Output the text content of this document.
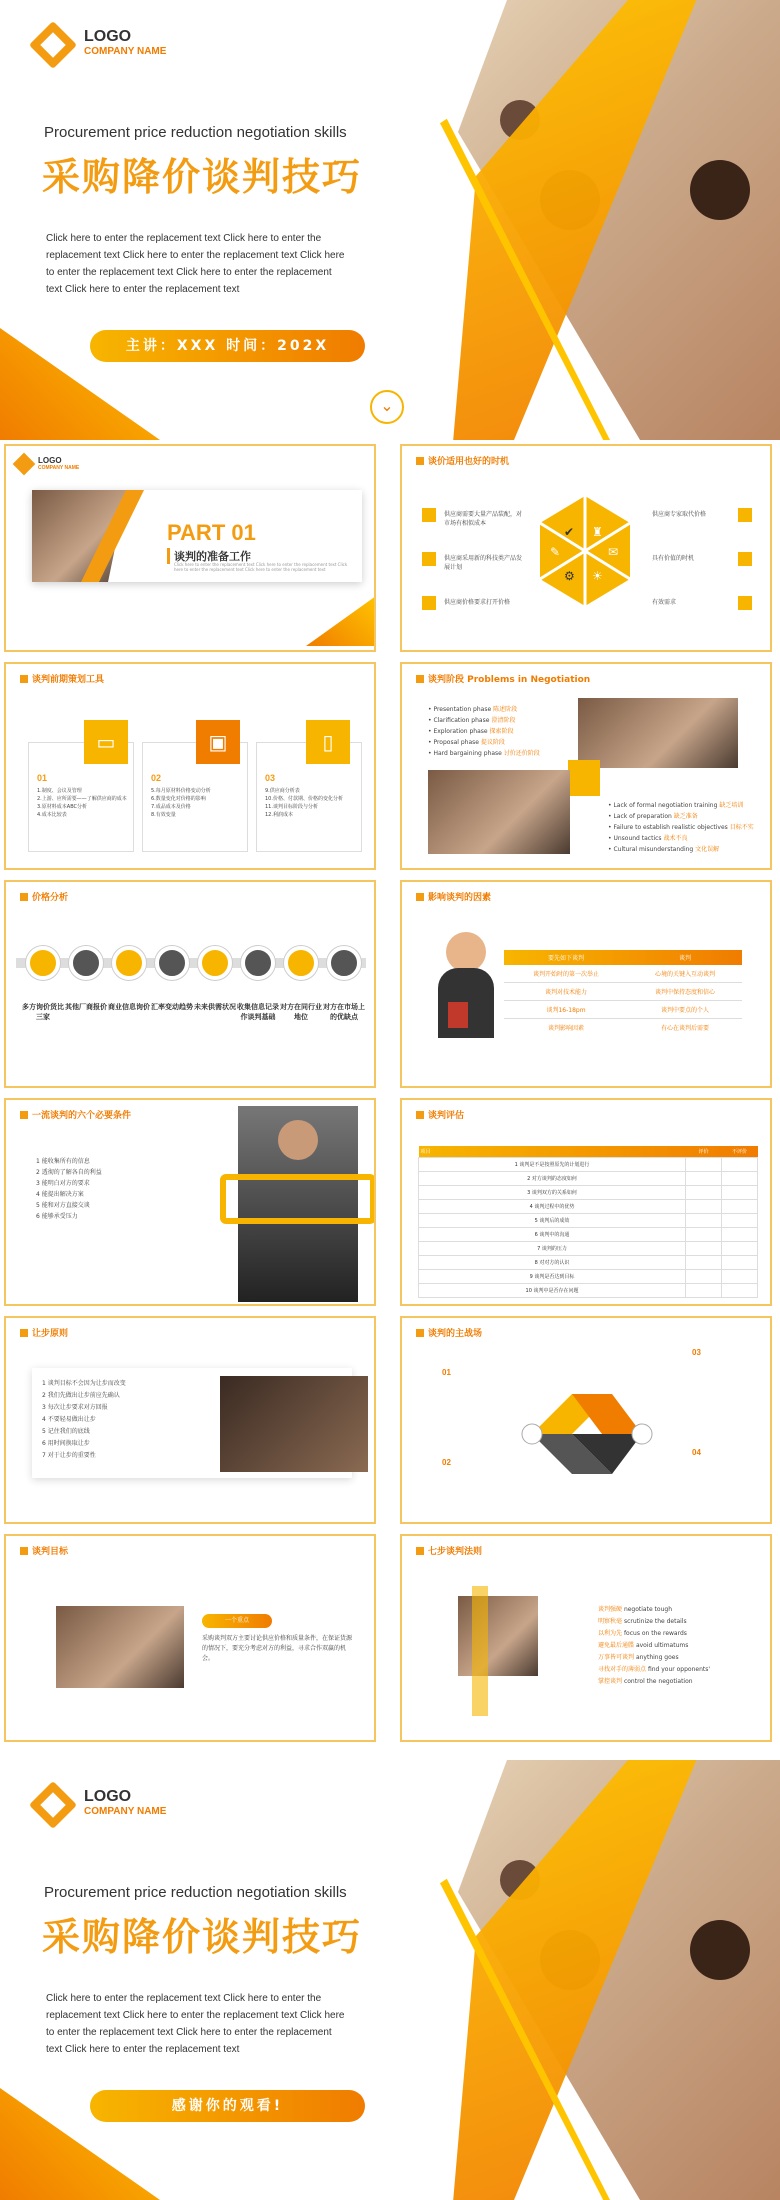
LOGO
COMPANY NAME
Procurement price reduction negotiation skills
采购降价谈判技巧
Click here to enter the replacement text Click here to enter the replacement text Click here to enter the replacement text Click here to enter the replacement text Click here to enter the replacement text Click here to enter the replacement text
主讲：XXX 时间：202X
⌄
LOGO
COMPANY NAME
PART 01
谈判的准备工作
Click here to enter the replacement text Click here to enter the replacement text Click here to enter the replacement text Click here to enter the replacement text
谈价适用也好的时机
✔ ♜
✎	✉
⚙ ☀
供应商需要大量产品装配，对市场有相似成本
供应商采用新的科技类产品发展计划
供应商价格要求打开价格
供应商专家取代价格
具有价值的时机
有效需求
谈判前期策划工具
01
1.制度、会议及管理
2.上游、应所需要——了解供应商的成本
3.原材料成本ABC分析
4.成本比较表
▭
02
5.每月原材料价格变动分析
6.数量变化对价格的影响
7.成品成本及价格
8.有效变量
▣
03
9.供应商分析表
10.价格、付款期、价格的变化分析
11.谈判目标阶段与分析
12.利润成本
▯
谈判阶段 Problems in Negotiation
• Presentation phase 陈述阶段
• Clarification phase 澄清阶段
• Exploration phase 探索阶段
• Proposal phase 提议阶段
• Hard bargaining phase 讨价还价阶段
• Lack of formal negotiation training 缺乏培训
• Lack of preparation 缺乏准备
• Failure to establish realistic objectives 目标不实
• Unsound tactics 战术不良
• Cultural misunderstanding 文化误解
价格分析
多方询价货比三家
其他厂商报价 商业信息询价 汇率变动趋势 未来供需状况 收集信息记录作谈判基础
对方在同行业地位
对方在市场上的优缺点
影响谈判的因素
要先如下谈判	谈判
谈判开始时的第一次举止	心境的关键入互动谈判
谈判对技术能力	谈判中保持态度和信心
谈判16-18pm	谈判中要点的个人
谈判影响因素	有心在谈判后需要
一流谈判的六个必要条件
1 能收集所有的信息
2 透彻的了解各自的利益
3 能明白对方的要求
4 能提出解决方案
5 能和对方直接交谈
6 能够承受压力
谈判评估
项目	评价	不评价
1 谈判是不是按照原先的计划进行		
2 对方谈判的态度如何		
3 谈判双方的关系如何		
4 谈判过程中的优势		
5 谈判后的成效		
6 谈判中的沟通		
7 谈判的压力		
8 对对方的认识		
9 谈判是否达到目标		
10 谈判中是否存在问题		
让步原则
1 谈判目标不会因为让步而改变
2 我们先做出让步前应先确认
3 每次让步要求对方回报
4 不要轻易做出让步
5 记住我们的底线
6 用时间换取让步
7 对于让步的重要性
谈判的主战场
01
02
03
04
谈判目标
一个重点
采购谈判双方主要讨论供应价格和质量条件，在保证货源的情况下，要充分考虑对方的利益，寻求合作双赢的机会。
七步谈判法则
谈判强硬 negotiate tough
明察秋毫 scrutinize the details
以利为先 focus on the rewards
避免最后通牒 avoid ultimatums
万事皆可谈判 anything goes
寻找对手的薄弱点 find your opponents'
掌控谈判 control the negotiation
LOGO
COMPANY NAME
Procurement price reduction negotiation skills
采购降价谈判技巧
Click here to enter the replacement text Click here to enter the replacement text Click here to enter the replacement text Click here to enter the replacement text Click here to enter the replacement text Click here to enter the replacement text
感谢你的观看!
